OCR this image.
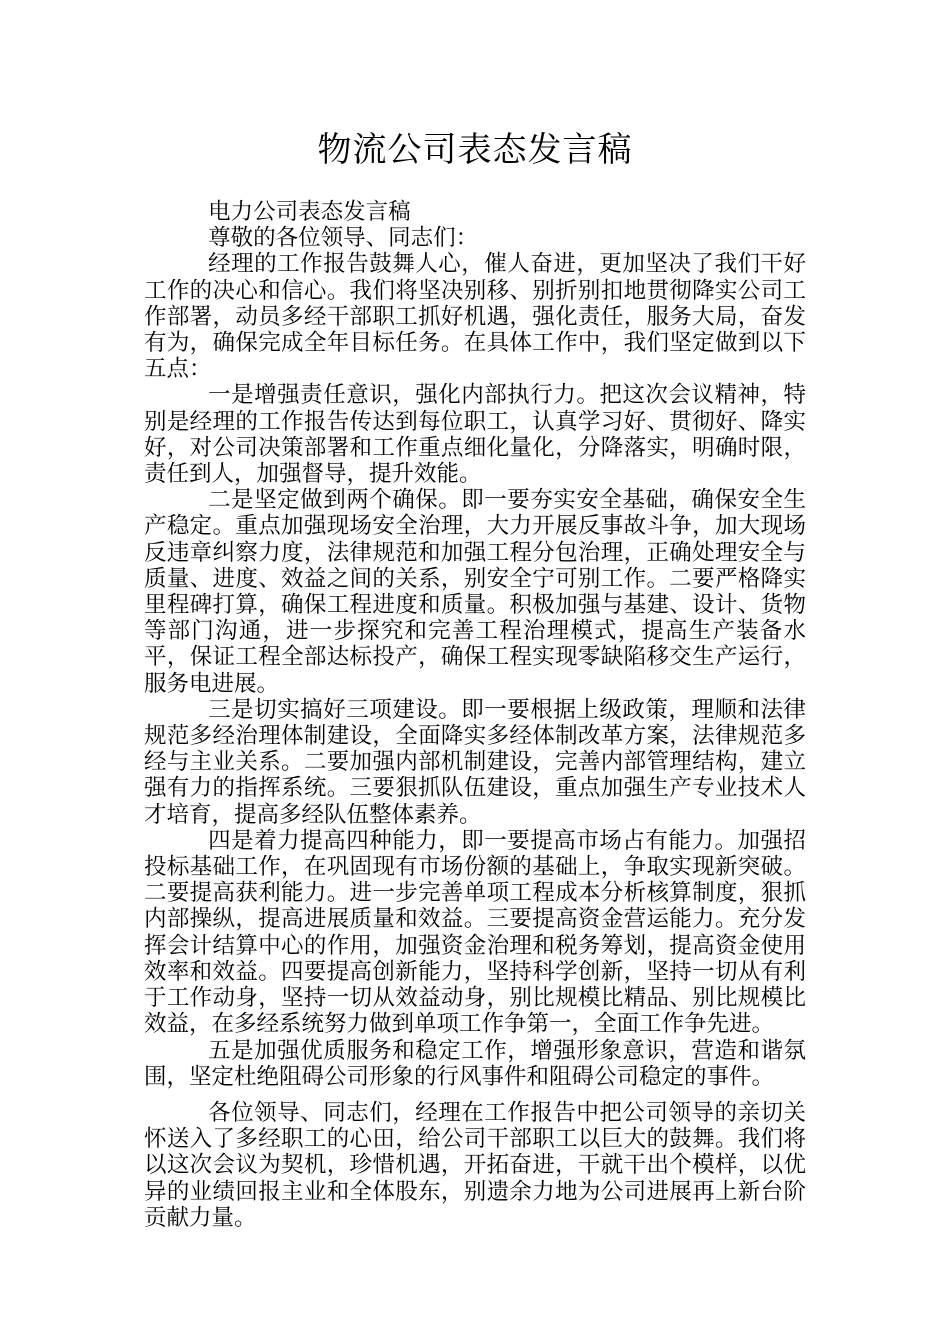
物流公司表态发言稿

电力公司表态发言稿

尊敬的各位领导、同志们：

经理的工作报告鼓舞人心，催人奋进，更加坚决了我们干好工作的决心和信心。我们将坚决别移、别折别扣地贯彻降实公司工作部署，动员多经干部职工抓好机遇，强化责任，服务大局，奋发有为，确保完成全年目标任务。在具体工作中，我们坚定做到以下五点：

一是增强责任意识，强化内部执行力。把这次会议精神，特别是经理的工作报告传达到每位职工，认真学习好、贯彻好、降实好，对公司决策部署和工作重点细化量化，分降落实，明确时限，责任到人，加强督导，提升效能。

二是坚定做到两个确保。即一要夯实安全基础，确保安全生产稳定。重点加强现场安全治理，大力开展反事故斗争，加大现场反违章纠察力度，法律规范和加强工程分包治理，正确处理安全与质量、进度、效益之间的关系，别安全宁可别工作。二要严格降实里程碑打算，确保工程进度和质量。积极加强与基建、设计、货物等部门沟通，进一步探究和完善工程治理模式，提高生产装备水平，保证工程全部达标投产，确保工程实现零缺陷移交生产运行，服务电进展。

三是切实搞好三项建设。即一要根据上级政策，理顺和法律规范多经治理体制建设，全面降实多经体制改革方案，法律规范多经与主业关系。二要加强内部机制建设，完善内部管理结构，建立强有力的指挥系统。三要狠抓队伍建设，重点加强生产专业技术人才培育，提高多经队伍整体素养。

四是着力提高四种能力，即一要提高市场占有能力。加强招投标基础工作，在巩固现有市场份额的基础上，争取实现新突破。二要提高获利能力。进一步完善单项工程成本分析核算制度，狠抓内部操纵，提高进展质量和效益。三要提高资金营运能力。充分发挥会计结算中心的作用，加强资金治理和税务筹划，提高资金使用效率和效益。四要提高创新能力，坚持科学创新，坚持一切从有利于工作动身，坚持一切从效益动身，别比规模比精品、别比规模比效益，在多经系统努力做到单项工作争第一，全面工作争先进。

五是加强优质服务和稳定工作，增强形象意识，营造和谐氛围，坚定杜绝阻碍公司形象的行风事件和阻碍公司稳定的事件。

各位领导、同志们，经理在工作报告中把公司领导的亲切关怀送入了多经职工的心田，给公司干部职工以巨大的鼓舞。我们将以这次会议为契机，珍惜机遇，开拓奋进，干就干出个模样，以优异的业绩回报主业和全体股东，别遗余力地为公司进展再上新台阶贡献力量。
